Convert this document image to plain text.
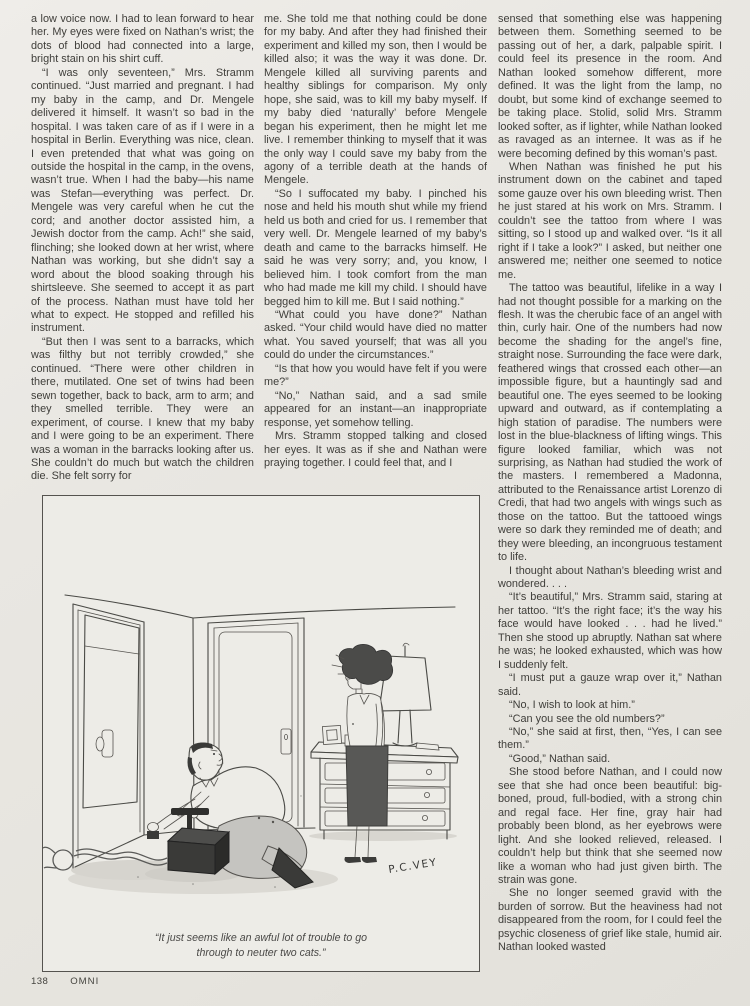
a low voice now. I had to lean forward to hear her. My eyes were fixed on Nathan’s wrist; the dots of blood had connected into a large, bright stain on his shirt cuff.

“I was only seventeen,” Mrs. Stramm continued. “Just married and pregnant. I had my baby in the camp, and Dr. Mengele delivered it himself. It wasn’t so bad in the hospital. I was taken care of as if I were in a hospital in Berlin. Everything was nice, clean. I even pretended that what was going on outside the hospital in the camp, in the ovens, wasn’t true. When I had the baby—his name was Stefan—everything was perfect. Dr. Mengele was very careful when he cut the cord; and another doctor assisted him, a Jewish doctor from the camp. Ach!” she said, flinching; she looked down at her wrist, where Nathan was working, but she didn’t say a word about the blood soaking through his shirtsleeve. She seemed to accept it as part of the process. Nathan must have told her what to expect. He stopped and refilled his instrument.

“But then I was sent to a barracks, which was filthy but not terribly crowded,” she continued. “There were other children in there, mutilated. One set of twins had been sewn together, back to back, arm to arm; and they smelled terrible. They were an experiment, of course. I knew that my baby and I were going to be an experiment. There was a woman in the barracks looking after us. She couldn’t do much but watch the children die. She felt sorry for

me. She told me that nothing could be done for my baby. And after they had finished their experiment and killed my son, then I would be killed also; it was the way it was done. Dr. Mengele killed all surviving parents and healthy siblings for comparison. My only hope, she said, was to kill my baby myself. If my baby died ‘naturally’ before Mengele began his experiment, then he might let me live. I remember thinking to myself that it was the only way I could save my baby from the agony of a terrible death at the hands of Mengele.

“So I suffocated my baby. I pinched his nose and held his mouth shut while my friend held us both and cried for us. I remember that very well. Dr. Mengele learned of my baby’s death and came to the barracks himself. He said he was very sorry; and, you know, I believed him. I took comfort from the man who had made me kill my child. I should have begged him to kill me. But I said nothing.”

“What could you have done?” Nathan asked. “Your child would have died no matter what. You saved yourself; that was all you could do under the circumstances.”

“Is that how you would have felt if you were me?”

“No,” Nathan said, and a sad smile appeared for an instant—an inappropriate response, yet somehow telling.

Mrs. Stramm stopped talking and closed her eyes. It was as if she and Nathan were praying together. I could feel that, and I

sensed that something else was happening between them. Something seemed to be passing out of her, a dark, palpable spirit. I could feel its presence in the room. And Nathan looked somehow different, more defined. It was the light from the lamp, no doubt, but some kind of exchange seemed to be taking place. Stolid, solid Mrs. Stramm looked softer, as if lighter, while Nathan looked as ravaged as an internee. It was as if he were becoming defined by this woman’s past.

When Nathan was finished he put his instrument down on the cabinet and taped some gauze over his own bleeding wrist. Then he just stared at his work on Mrs. Stramm. I couldn’t see the tattoo from where I was sitting, so I stood up and walked over. “Is it all right if I take a look?” I asked, but neither one answered me; neither one seemed to notice me.

The tattoo was beautiful, lifelike in a way I had not thought possible for a marking on the flesh. It was the cherubic face of an angel with thin, curly hair. One of the numbers had now become the shading for the angel’s fine, straight nose. Surrounding the face were dark, feathered wings that crossed each other—an impossible figure, but a hauntingly sad and beautiful one. The eyes seemed to be looking upward and outward, as if contemplating a high station of paradise. The numbers were lost in the blue-blackness of lifting wings. This figure looked familiar, which was not surprising, as Nathan had studied the work of the masters. I remembered a Madonna, attributed to the Renaissance artist Lorenzo di Credi, that had two angels with wings such as those on the tattoo. But the tattooed wings were so dark they reminded me of death; and they were bleeding, an incongruous testament to life.

I thought about Nathan’s bleeding wrist and wondered. . . .

“It’s beautiful,” Mrs. Stramm said, staring at her tattoo. “It’s the right face; it’s the way his face would have looked . . . had he lived.” Then she stood up abruptly. Nathan sat where he was; he looked exhausted, which was how I suddenly felt.

“I must put a gauze wrap over it,” Nathan said.

“No, I wish to look at him.”

“Can you see the old numbers?”

“No,” she said at first, then, “Yes, I can see them.”

“Good,” Nathan said.

She stood before Nathan, and I could now see that she had once been beautiful: big-boned, proud, full-bodied, with a strong chin and regal face. Her fine, gray hair had probably been blond, as her eyebrows were light. And she looked relieved, released. I couldn’t help but think that she seemed now like a woman who had just given birth. The strain was gone.

She no longer seemed gravid with the burden of sorrow. But the heaviness had not disappeared from the room, for I could feel the psychic closeness of grief like stale, humid air. Nathan looked wasted

P.C.VEY
“It just seems like an awful lot of trouble to go
through to neuter two cats.”
138 OMNI
